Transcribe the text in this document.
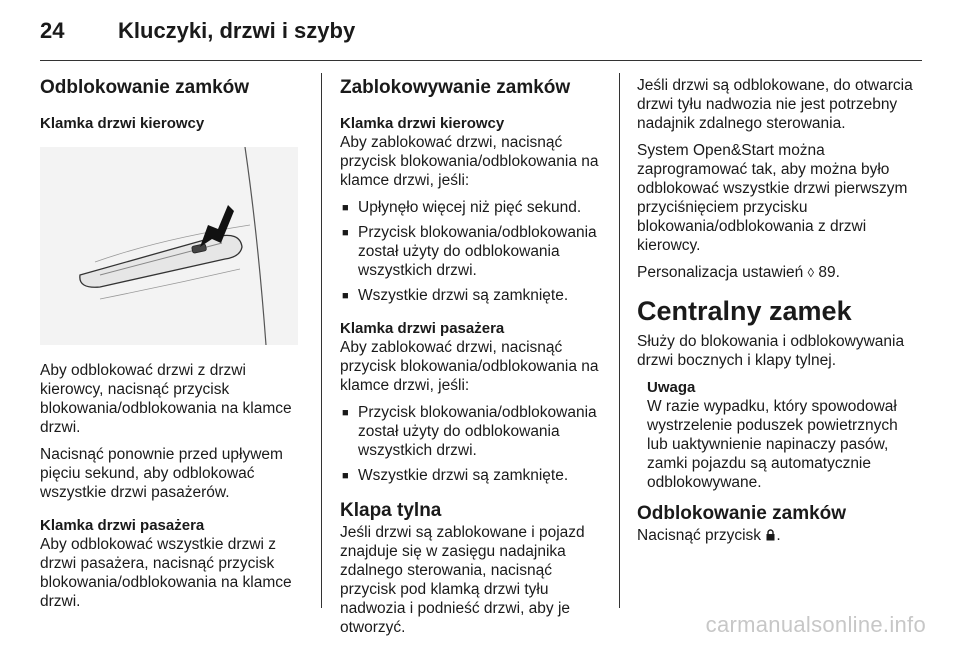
24 Kluczyki, drzwi i szyby
Odblokowanie zamków
Klamka drzwi kierowcy
Aby odblokować drzwi z drzwi kierowcy, nacisnąć przycisk blokowania/odblokowania na klamce drzwi.
Nacisnąć ponownie przed upływem pięciu sekund, aby odblokować wszystkie drzwi pasażerów.
Klamka drzwi pasażera
Aby odblokować wszystkie drzwi z drzwi pasażera, nacisnąć przycisk blokowania/odblokowania na klamce drzwi.
Zablokowywanie zamków
Klamka drzwi kierowcy
Aby zablokować drzwi, nacisnąć przycisk blokowania/odblokowania na klamce drzwi, jeśli:
■ Upłynęło więcej niż pięć sekund.
■ Przycisk blokowania/odblokowania został użyty do odblokowania wszystkich drzwi.
■ Wszystkie drzwi są zamknięte.
Klamka drzwi pasażera
Aby zablokować drzwi, nacisnąć przycisk blokowania/odblokowania na klamce drzwi, jeśli:
■ Przycisk blokowania/odblokowania został użyty do odblokowania wszystkich drzwi.
■ Wszystkie drzwi są zamknięte.
Klapa tylna
Jeśli drzwi są zablokowane i pojazd znajduje się w zasięgu nadajnika zdalnego sterowania, nacisnąć przycisk pod klamką drzwi tyłu nadwozia i podnieść drzwi, aby je otworzyć.
Jeśli drzwi są odblokowane, do otwarcia drzwi tyłu nadwozia nie jest potrzebny nadajnik zdalnego sterowania.
System Open&Start można zaprogramować tak, aby można było odblokować wszystkie drzwi pierwszym przyciśnięciem przycisku blokowania/odblokowania z drzwi kierowcy.
Personalizacja ustawień ◊ 89.
Centralny zamek
Służy do blokowania i odblokowywania drzwi bocznych i klapy tylnej.
Uwaga
W razie wypadku, który spowodował wystrzelenie poduszek powietrznych lub uaktywnienie napinaczy pasów, zamki pojazdu są automatycznie odblokowywane.
Odblokowanie zamków
Nacisnąć przycisk .
carmanualsonline.info
